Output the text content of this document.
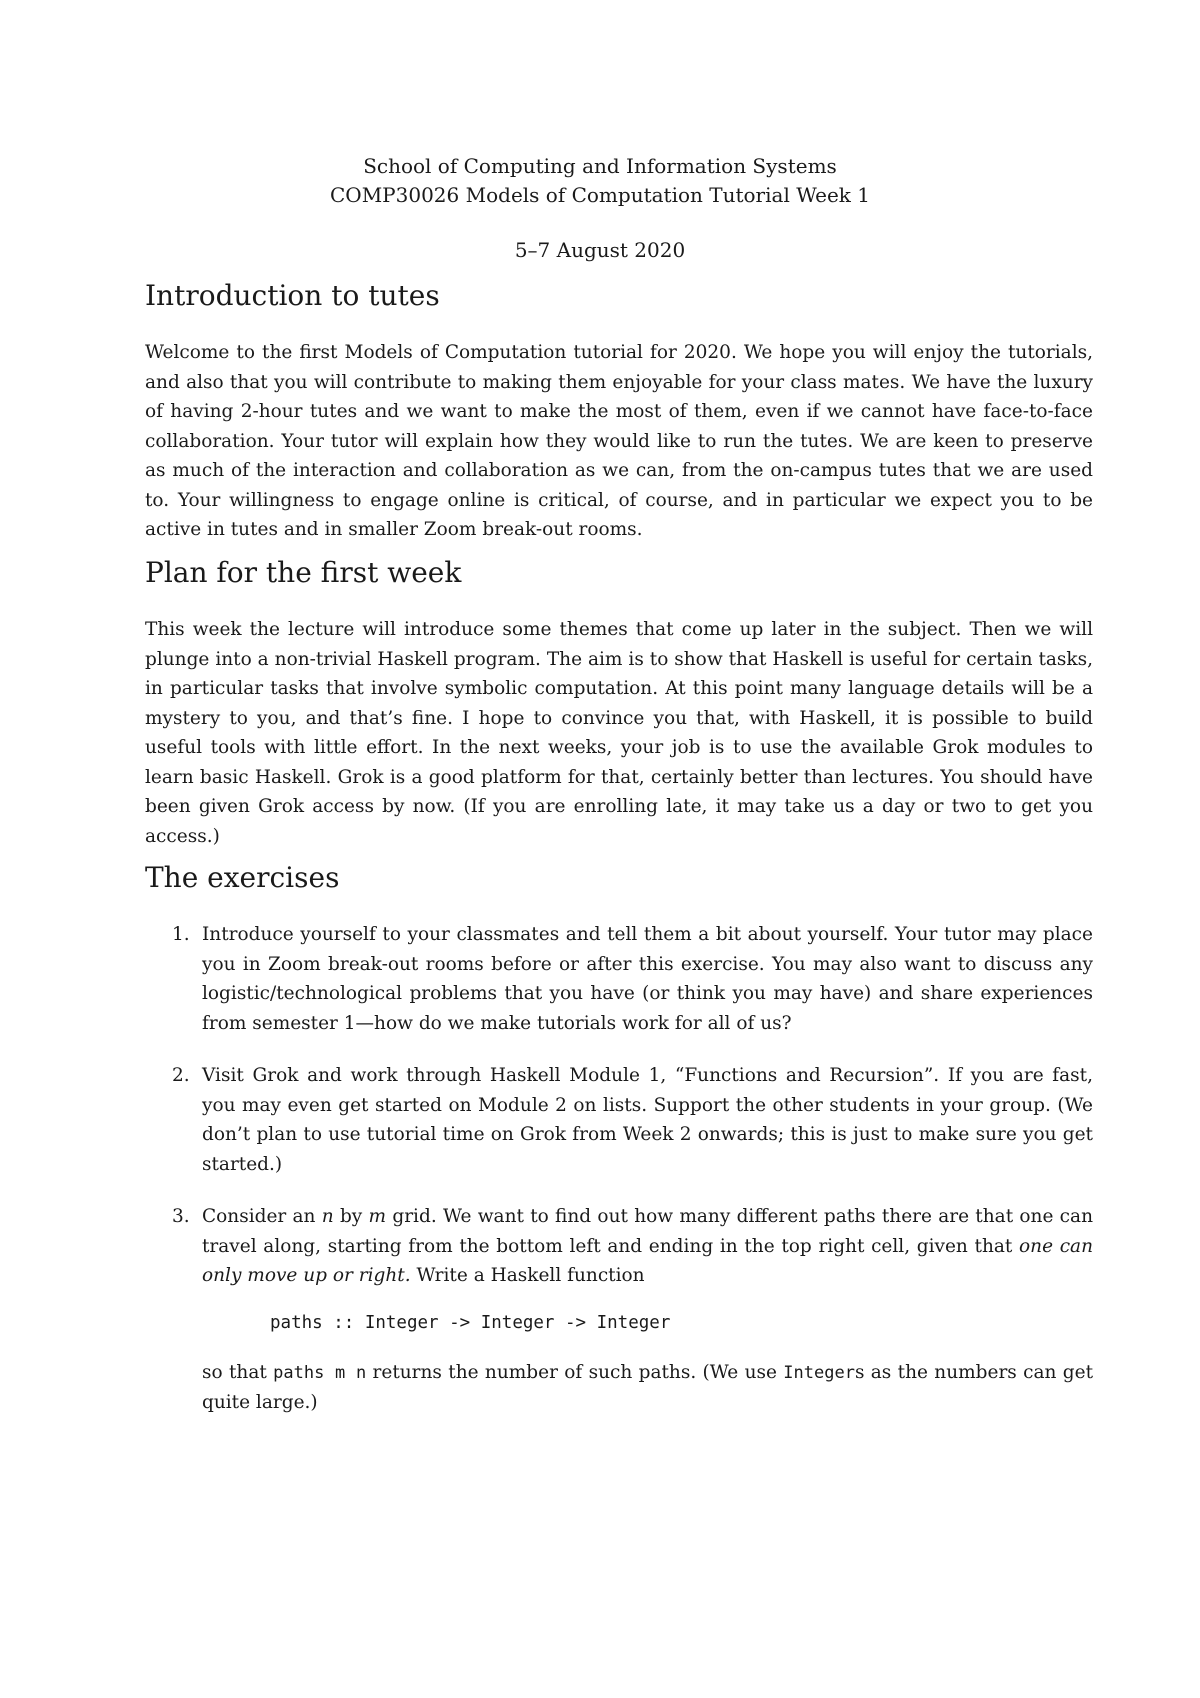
School of Computing and Information Systems
COMP30026 Models of Computation Tutorial Week 1
5–7 August 2020
Introduction to tutes

Welcome to the first Models of Computation tutorial for 2020. We hope you will enjoy the tutorials, and also that you will contribute to making them enjoyable for your class mates. We have the luxury of having 2-hour tutes and we want to make the most of them, even if we cannot have face-to-face collaboration. Your tutor will explain how they would like to run the tutes. We are keen to preserve as much of the interaction and collaboration as we can, from the on-campus tutes that we are used to. Your willingness to engage online is critical, of course, and in particular we expect you to be active in tutes and in smaller Zoom break-out rooms.

Plan for the first week

This week the lecture will introduce some themes that come up later in the subject. Then we will plunge into a non-trivial Haskell program. The aim is to show that Haskell is useful for certain tasks, in particular tasks that involve symbolic computation. At this point many language details will be a mystery to you, and that’s fine. I hope to convince you that, with Haskell, it is possible to build useful tools with little effort. In the next weeks, your job is to use the available Grok modules to learn basic Haskell. Grok is a good platform for that, certainly better than lectures. You should have been given Grok access by now. (If you are enrolling late, it may take us a day or two to get you access.)

The exercises
1. Introduce yourself to your classmates and tell them a bit about yourself. Your tutor may place you in Zoom break-out rooms before or after this exercise. You may also want to discuss any logistic/technological problems that you have (or think you may have) and share experiences from semester 1—how do we make tutorials work for all of us?
2. Visit Grok and work through Haskell Module 1, “Functions and Recursion”. If you are fast, you may even get started on Module 2 on lists. Support the other students in your group. (We don’t plan to use tutorial time on Grok from Week 2 onwards; this is just to make sure you get started.)
3. Consider an n by m grid. We want to find out how many different paths there are that one can travel along, starting from the bottom left and ending in the top right cell, given that one can only move up or right. Write a Haskell function
paths :: Integer -> Integer -> Integer
so that paths m n returns the number of such paths. (We use Integers as the numbers can get quite large.)
